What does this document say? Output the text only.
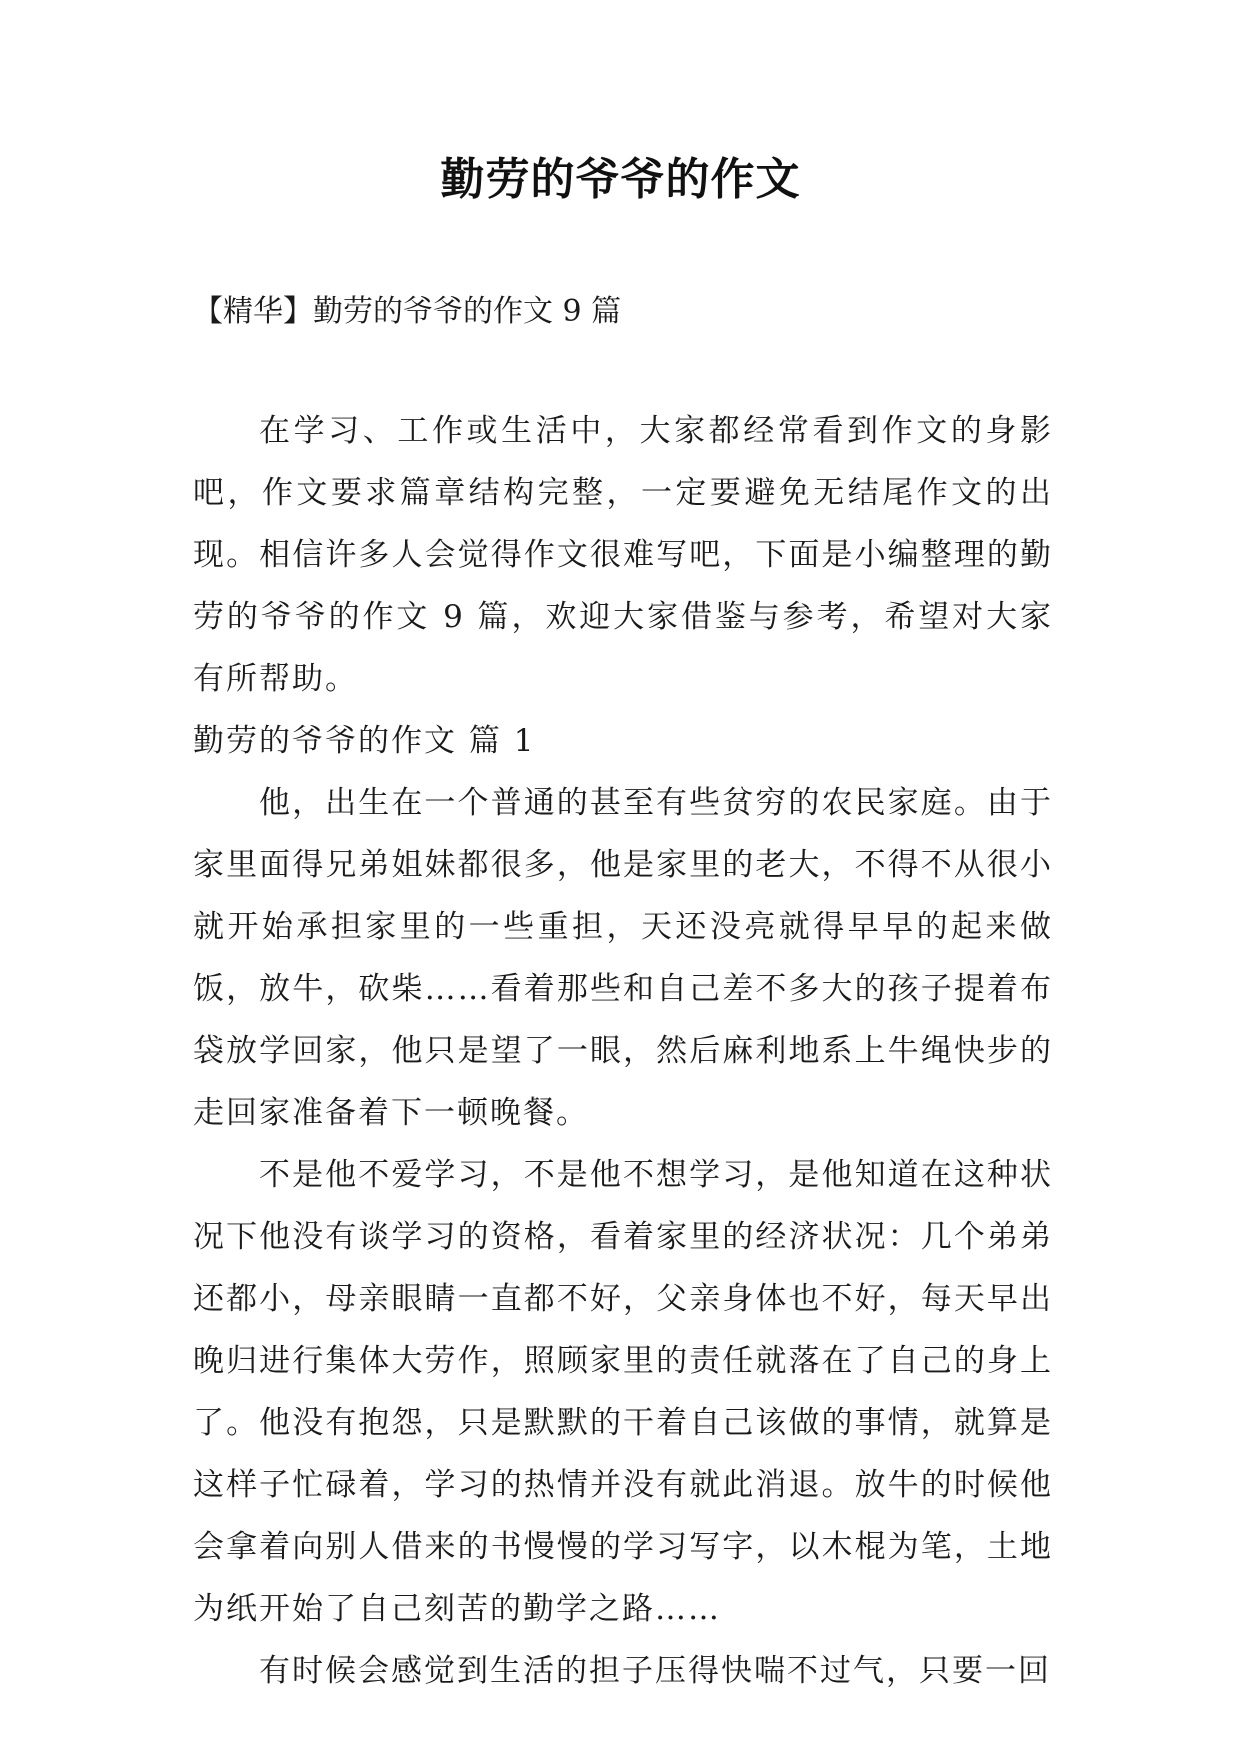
勤劳的爷爷的作文
【精华】勤劳的爷爷的作文 9 篇

在学习、工作或生活中，大家都经常看到作文的身影吧，作文要求篇章结构完整，一定要避免无结尾作文的出现。相信许多人会觉得作文很难写吧，下面是小编整理的勤劳的爷爷的作文 9 篇，欢迎大家借鉴与参考，希望对大家有所帮助。

勤劳的爷爷的作文 篇 1

他，出生在一个普通的甚至有些贫穷的农民家庭。由于家里面得兄弟姐妹都很多，他是家里的老大，不得不从很小就开始承担家里的一些重担，天还没亮就得早早的起来做饭，放牛，砍柴……看着那些和自己差不多大的孩子提着布袋放学回家，他只是望了一眼，然后麻利地系上牛绳快步的走回家准备着下一顿晚餐。

不是他不爱学习，不是他不想学习，是他知道在这种状况下他没有谈学习的资格，看着家里的经济状况：几个弟弟还都小，母亲眼睛一直都不好，父亲身体也不好，每天早出晚归进行集体大劳作，照顾家里的责任就落在了自己的身上了。他没有抱怨，只是默默的干着自己该做的事情，就算是这样子忙碌着，学习的热情并没有就此消退。放牛的时候他会拿着向别人借来的书慢慢的学习写字，以木棍为笔，土地为纸开始了自己刻苦的勤学之路……

有时候会感觉到生活的担子压得快喘不过气，只要一回
